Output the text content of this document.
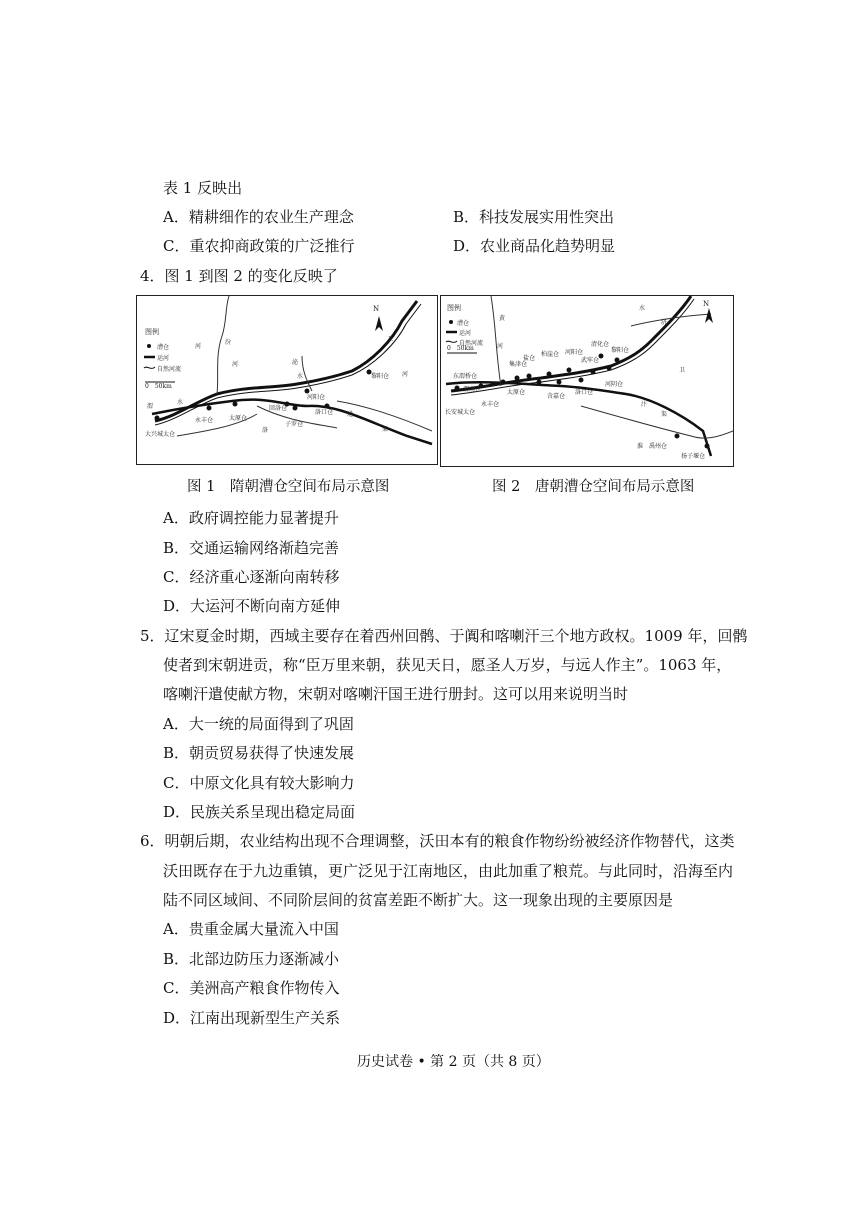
表 1 反映出
A．精耕细作的农业生产理念	B．科技发展实用性突出
C．重农抑商政策的广泛推行	D．农业商品化趋势明显
4．图 1 到图 2 的变化反映了
图例
漕仓
运河
自然河流
0　50km
N
大兴城太仓
永丰仓	太原仓
回洛仓
河阳仓
洛口仓
黎阳仓
子罗仓
渭
水
汾
河
河
泌
水
卫
河
通
渠
洛
图例
漕仓
运河
自然河流
0　50km
N
长安城太仓
东渭桥仓
渭南仓
永丰仓
集津仓
盐仓
太原仓
柏崖仓
含嘉仓
河阳仓
洛口仓
武牢仓
河阴仓
黎阳仓
清化仓
禹州仓
扬子堰仓
黄
河
水
济
汴
渠
卫
淮
图 1　隋朝漕仓空间布局示意图	图 2　唐朝漕仓空间布局示意图
A．政府调控能力显著提升
B．交通运输网络渐趋完善
C．经济重心逐渐向南转移
D．大运河不断向南方延伸
5．辽宋夏金时期，西域主要存在着西州回鹘、于阗和喀喇汗三个地方政权。1009 年，回鹘
使者到宋朝进贡，称“臣万里来朝，获见天日，愿圣人万岁，与远人作主”。1063 年，
喀喇汗遣使献方物，宋朝对喀喇汗国王进行册封。这可以用来说明当时
A．大一统的局面得到了巩固
B．朝贡贸易获得了快速发展
C．中原文化具有较大影响力
D．民族关系呈现出稳定局面
6．明朝后期，农业结构出现不合理调整，沃田本有的粮食作物纷纷被经济作物替代，这类
沃田既存在于九边重镇，更广泛见于江南地区，由此加重了粮荒。与此同时，沿海至内
陆不同区域间、不同阶层间的贫富差距不断扩大。这一现象出现的主要原因是
A．贵重金属大量流入中国
B．北部边防压力逐渐减小
C．美洲高产粮食作物传入
D．江南出现新型生产关系
历史试卷 • 第 2 页（共 8 页）
